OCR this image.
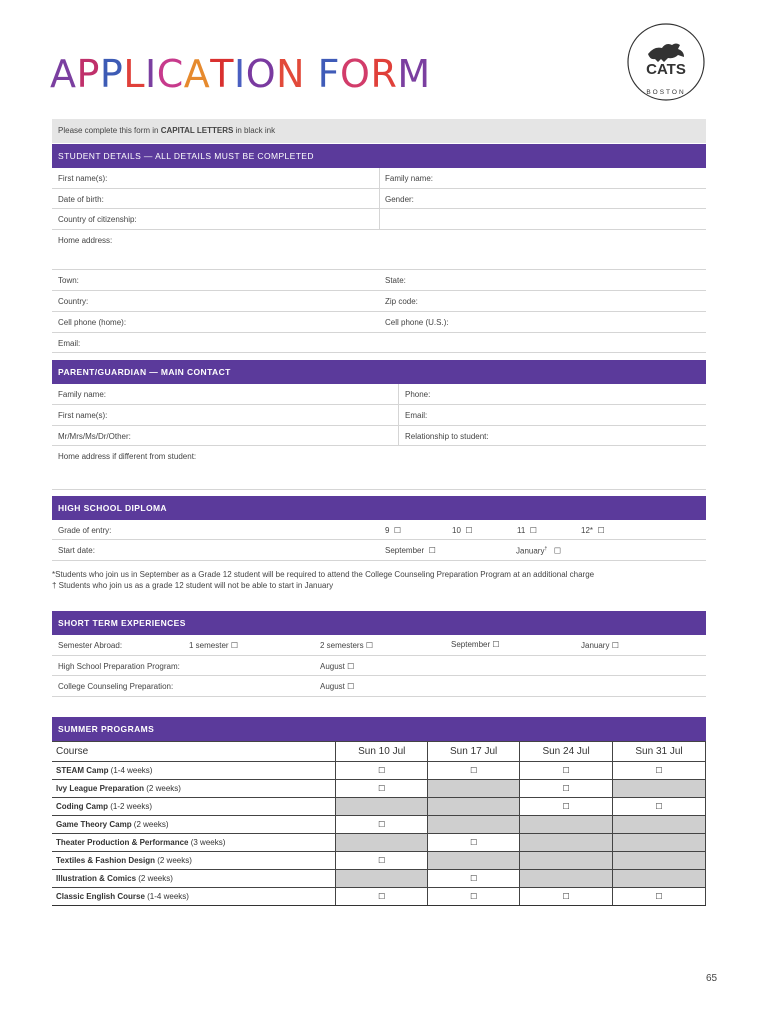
APPLICATION FORM	CATS
BOSTON
Please complete this form in CAPITAL LETTERS in black ink
STUDENT DETAILS — ALL DETAILS MUST BE COMPLETED
First name(s):	Family name:
Date of birth:	Gender:
Country of citizenship:
Home address:
Town:	State:
Country:	Zip code:
Cell phone (home):	Cell phone (U.S.):
Email:
PARENT/GUARDIAN — MAIN CONTACT
Family name:	Phone:
First name(s):	Email:
Mr/Mrs/Ms/Dr/Other:	Relationship to student:
Home address if different from student:
HIGH SCHOOL DIPLOMA
Grade of entry:	9 ☐	10 ☐	11 ☐	12* ☐
Start date:	September ☐	January† ☐
*Students who join us in September as a Grade 12 student will be required to attend the College Counseling Preparation Program at an additional charge
† Students who join us as a grade 12 student will not be able to start in January
SHORT TERM EXPERIENCES
Semester Abroad:	1 semester ☐	2 semesters ☐	September ☐	January ☐
High School Preparation Program:	August ☐
College Counseling Preparation:	August ☐
SUMMER PROGRAMS
Course	Sun 10 Jul	Sun 17 Jul	Sun 24 Jul	Sun 31 Jul
STEAM Camp (1-4 weeks)	☐	☐	☐	☐
Ivy League Preparation (2 weeks)	☐		☐	
Coding Camp (1-2 weeks)			☐	☐
Game Theory Camp (2 weeks)	☐			
Theater Production & Performance (3 weeks)		☐		
Textiles & Fashion Design (2 weeks)	☐			
Illustration & Comics (2 weeks)		☐		
Classic English Course (1-4 weeks)	☐	☐	☐	☐
65
